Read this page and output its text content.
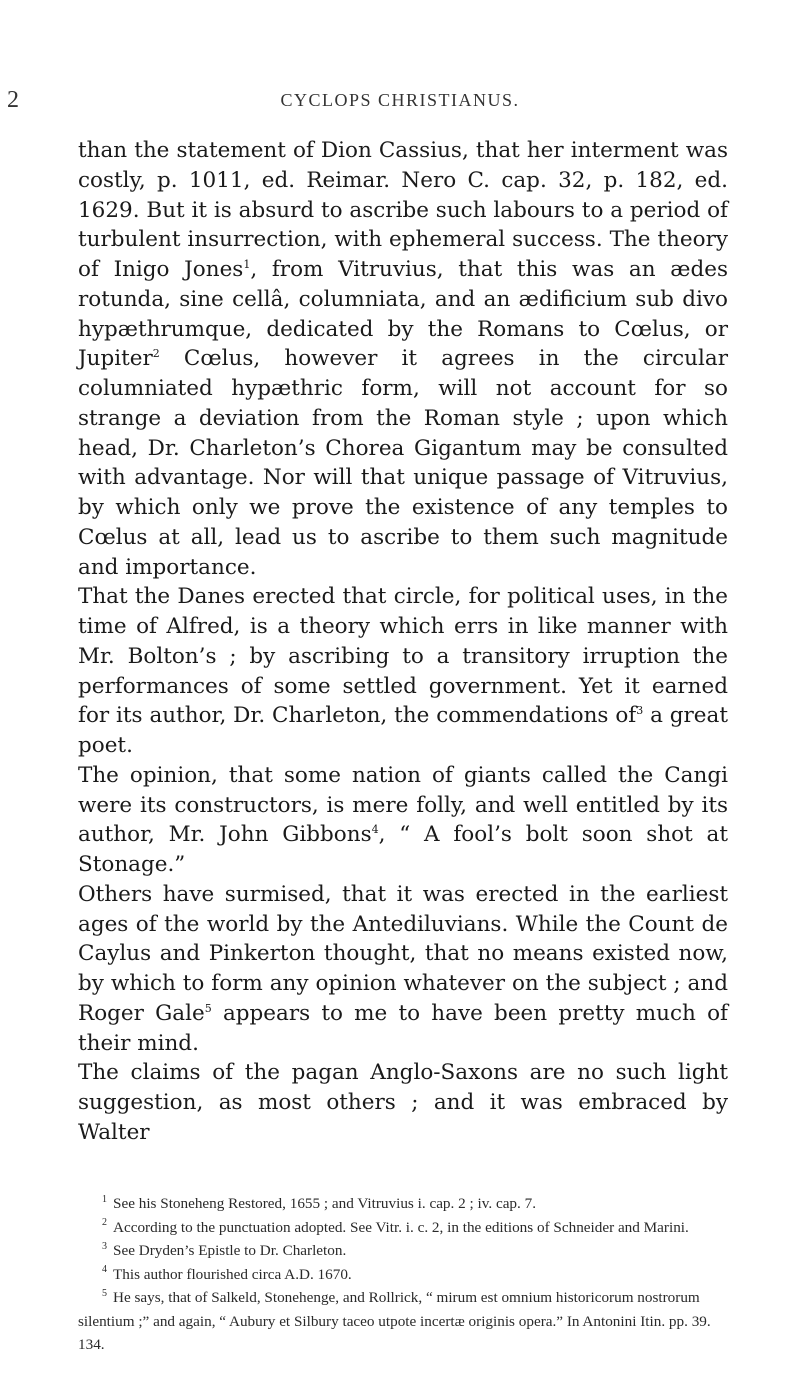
2	CYCLOPS CHRISTIANUS.

than the statement of Dion Cassius, that her interment was costly, p. 1011, ed. Reimar. Nero C. cap. 32, p. 182, ed. 1629. But it is absurd to ascribe such labours to a period of turbulent insurrection, with ephemeral success. The theory of Inigo Jones$^1$, from Vitruvius, that this was an ædes rotunda, sine cellâ, columniata, and an ædificium sub divo hypæthrumque, dedicated by the Romans to Cœlus, or Jupiter$^2$ Cœlus, however it agrees in the circular columniated hypæthric form, will not account for so strange a deviation from the Roman style ; upon which head, Dr. Charleton’s Chorea Gigantum may be consulted with advantage. Nor will that unique passage of Vitruvius, by which only we prove the existence of any temples to Cœlus at all, lead us to ascribe to them such magnitude and importance.

That the Danes erected that circle, for political uses, in the time of Alfred, is a theory which errs in like manner with Mr. Bolton’s ; by ascribing to a transitory irruption the performances of some settled government. Yet it earned for its author, Dr. Charleton, the commendations of$^3$ a great poet.

The opinion, that some nation of giants called the Cangi were its constructors, is mere folly, and well entitled by its author, Mr. John Gibbons$^4$, “ A fool’s bolt soon shot at Stonage.”

Others have surmised, that it was erected in the earliest ages of the world by the Antediluvians. While the Count de Caylus and Pinkerton thought, that no means existed now, by which to form any opinion whatever on the subject ; and Roger Gale$^5$ appears to me to have been pretty much of their mind.

The claims of the pagan Anglo-Saxons are no such light suggestion, as most others ; and it was embraced by Walter

$^1$ See his Stoneheng Restored, 1655 ; and Vitruvius i. cap. 2 ; iv. cap. 7.

$^2$ According to the punctuation adopted. See Vitr. i. c. 2, in the editions of Schneider and Marini.

$^3$ See Dryden’s Epistle to Dr. Charleton.

$^4$ This author flourished circa A.D. 1670.

$^5$ He says, that of Salkeld, Stonehenge, and Rollrick, “ mirum est omnium historicorum nostrorum silentium ;” and again, “ Aubury et Silbury taceo utpote incertæ originis opera.” In Antonini Itin. pp. 39. 134.
